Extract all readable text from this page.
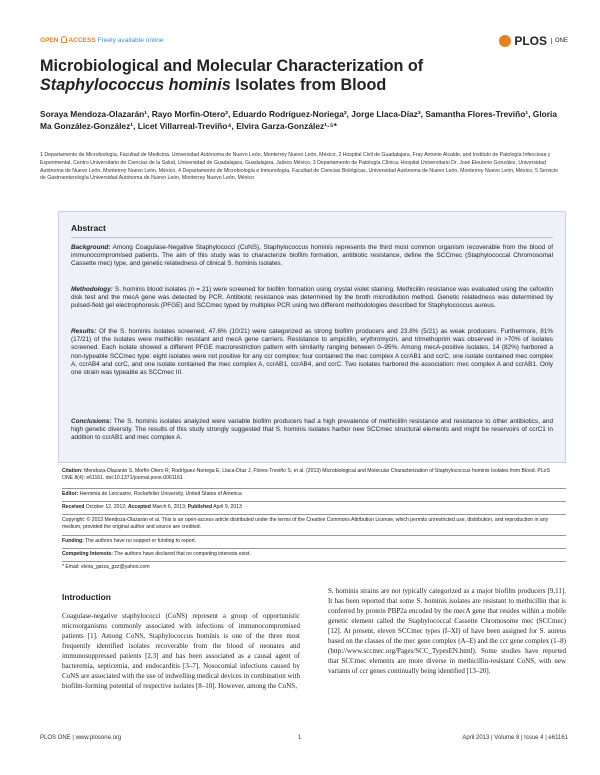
OPEN ACCESS Freely available online	PLOS	ONE
Microbiological and Molecular Characterization of
Staphylococcus hominis Isolates from Blood
Soraya Mendoza-Olazarán¹, Rayo Morfin-Otero², Eduardo Rodríguez-Noriega², Jorge Llaca-Díaz³, Samantha Flores-Treviño¹, Gloria Ma González-González¹, Licet Villarreal-Treviño⁴, Elvira Garza-González¹·⁵*
1 Departamento de Microbiología, Facultad de Medicina, Universidad Autónoma de Nuevo León, Monterrey Nuevo León, México, 2 Hospital Civil de Guadalajara, Fray Antonio Alcalde, and Instituto de Patología Infecciosa y Experimental, Centro Universitario de Ciencias de la Salud, Universidad de Guadalajara, Guadalajara, Jalisco México, 3 Departamento de Patología Clínica, Hospital Universitario Dr. José Eleuterio González, Universidad Autónoma de Nuevo León, Monterrey Nuevo León, México, 4 Departamento de Microbiología e Inmunología, Facultad de Ciencias Biológicas, Universidad Autónoma de Nuevo León, Monterrey Nuevo León, México, 5 Servicio de Gastroenterología Universidad Autónoma de Nuevo León, Monterrey Nuevo León, México
Abstract
Background: Among Coagulase-Negative Staphylococci (CoNS), Staphylococcus hominis represents the third most common organism recoverable from the blood of immunocompromised patients. The aim of this study was to characterize biofilm formation, antibiotic resistance, define the SCCmec (Staphylococcal Chromosomal Cassette mec) type, and genetic relatedness of clinical S. hominis isolates.
Methodology: S. hominis blood isolates (n = 21) were screened for biofilm formation using crystal violet staining. Methicillin resistance was evaluated using the cefoxitin disk test and the mecA gene was detected by PCR. Antibiotic resistance was determined by the broth microdilution method. Genetic relatedness was determined by pulsed-field gel electrophoresis (PFGE) and SCCmec typed by multiplex PCR using two different methodologies described for Staphylococcus aureus.
Results: Of the S. hominis isolates screened, 47.6% (10/21) were categorized as strong biofilm producers and 23.8% (5/21) as weak producers. Furthermore, 81% (17/21) of the isolates were methicillin resistant and mecA gene carriers. Resistance to ampicillin, erythromycin, and trimethoprim was observed in >70% of isolates screened. Each isolate showed a different PFGE macrorestriction pattern with similarity ranging between 0–95%. Among mecA-positive isolates, 14 (82%) harbored a non-typeable SCCmec type: eight isolates were not positive for any ccr complex; four contained the mec complex A ccrAB1 and ccrC, one isolate contained mec complex A, ccrAB4 and ccrC, and one isolate contained the mec complex A, ccrAB1, ccrAB4, and ccrC. Two isolates harbored the association: mec complex A and ccrAB1. Only one strain was typeable as SCCmec III.
Conclusions: The S. hominis isolates analyzed were variable biofilm producers had a high prevalence of methicillin resistance and resistance to other antibiotics, and high genetic diversity. The results of this study strongly suggested that S. hominis isolates harbor new SCCmec structural elements and might be reservoirs of ccrC1 in addition to ccrAB1 and mec complex A.
Citation: Mendoza-Olazarán S, Morfin-Otero R, Rodríguez-Noriega E, Llaca-Díaz J, Flores-Treviño S, et al. (2013) Microbiological and Molecular Characterization of Staphylococcus hominis Isolates from Blood. PLoS ONE 8(4): e61161. doi:10.1371/journal.pone.0061161
Editor: Herminia de Lencastre, Rockefeller University, United States of America
Received October 12, 2012; Accepted March 6, 2013; Published April 9, 2013
Copyright: © 2013 Mendoza-Olazarán et al. This is an open-access article distributed under the terms of the Creative Commons Attribution License, which permits unrestricted use, distribution, and reproduction in any medium, provided the original author and source are credited.
Funding: The authors have no support or funding to report.
Competing Interests: The authors have declared that no competing interests exist.
* Email: elvira_garza_gzz@yahoo.com
Introduction
Coagulase-negative staphylococci (CoNS) represent a group of opportunistic microorganisms commonly associated with infections of immunocompromised patients [1]. Among CoNS, Staphylococcus hominis is one of the three most frequently identified isolates recoverable from the blood of neonates and immunosuppressed patients [2,3] and has been associated as a causal agent of bacteremia, septicemia, and endocarditis [3–7]. Nosocomial infections caused by CoNS are associated with the use of indwelling medical devices in combination with biofilm-forming potential of respective isolates [8–10]. However, among the CoNS,
S. hominis strains are not typically categorized as a major biofilm producers [9,11]. It has been reported that some S. hominis isolates are resistant to methicillin that is conferred by protein PBP2a encoded by the mecA gene that resides within a mobile genetic element called the Staphylococcal Cassette Chromosome mec (SCCmec) [12]. At present, eleven SCCmec types (I–XI) of have been assigned for S. aureus based on the classes of the mec gene complex (A–E) and the ccr gene complex (1–8) (http://www.sccmec.org/Pages/SCC_TypesEN.html). Some studies have reported that SCCmec elements are more diverse in methicillin-resistant CoNS, with new variants of ccr genes continually being identified [13–20].
PLOS ONE | www.plosone.org	1	April 2013 | Volume 8 | Issue 4 | e61161
